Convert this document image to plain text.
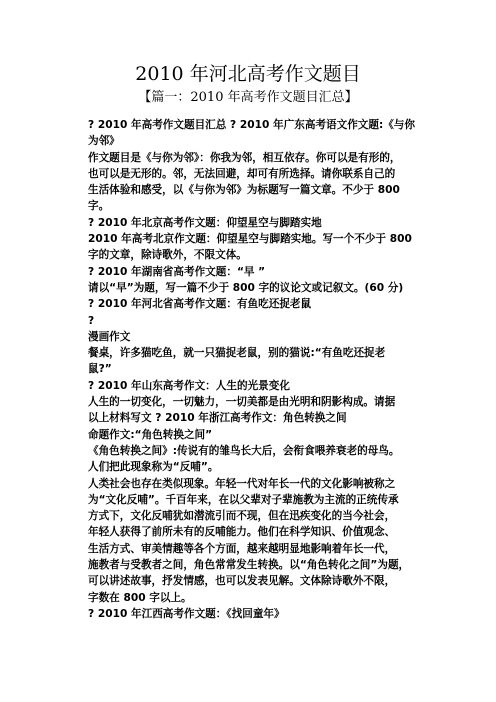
2010 年河北高考作文题目
【篇一：2010 年高考作文题目汇总】
? 2010 年高考作文题目汇总 ? 2010 年广东高考语文作文题:《与你
为邻》
作文题目是《与你为邻》：你我为邻，相互依存。你可以是有形的，
也可以是无形的。邻，无法回避，却可有所选择。请你联系自己的
生活体验和感受，以《与你为邻》为标题写一篇文章。不少于 800
字。
? 2010 年北京高考作文题：仰望星空与脚踏实地
2010 年高考北京作文题：仰望星空与脚踏实地。写一个不少于 800
字的文章，除诗歌外，不限文体。
? 2010 年湖南省高考作文题：“早 ”
请以“早”为题，写一篇不少于 800 字的议论文或记叙文。(60 分)
? 2010 年河北省高考作文题：有鱼吃还捉老鼠
?
漫画作文
餐桌，许多猫吃鱼，就一只猫捉老鼠，别的猫说:“有鱼吃还捉老
鼠?”
? 2010 年山东高考作文：人生的光景变化
人生的一切变化，一切魅力，一切美都是由光明和阴影构成。请据
以上材料写文 ? 2010 年浙江高考作文：角色转换之间
命题作文:“角色转换之间”
《角色转换之间》:传说有的雏鸟长大后，会衔食喂养衰老的母鸟。
人们把此现象称为“反哺”。
人类社会也存在类似现象。年轻一代对年长一代的文化影响被称之
为“文化反哺”。千百年来，在以父辈对子辈施教为主流的正统传承
方式下，文化反哺犹如潜流引而不现，但在迅疾变化的当今社会，
年轻人获得了前所未有的反哺能力。他们在科学知识、价值观念、
生活方式、审美情趣等各个方面，越来越明显地影响着年长一代，
施教者与受教者之间，角色常常发生转换。以“角色转化之间”为题，
可以讲述故事，抒发情感，也可以发表见解。文体除诗歌外不限，
字数在 800 字以上。
? 2010 年江西高考作文题：《找回童年》
